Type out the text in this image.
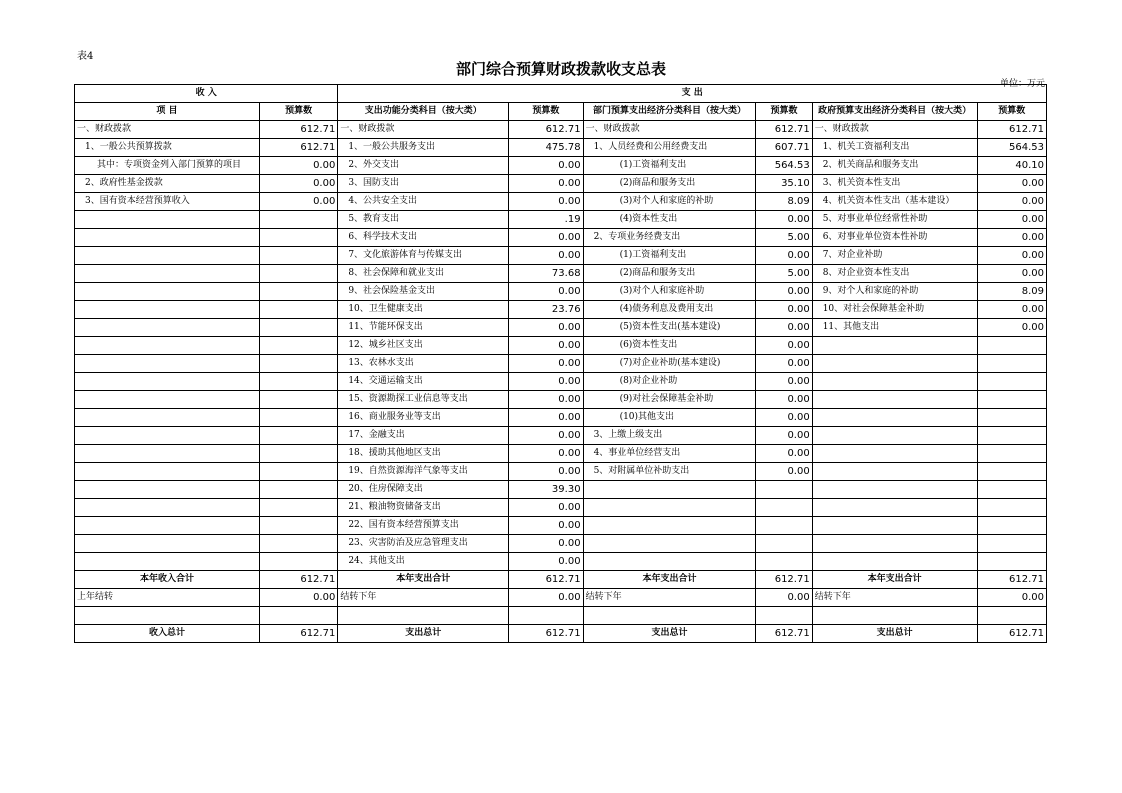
表4
部门综合预算财政拨款收支总表
单位：万元
收 入		支 出					
项 目	预算数	支出功能分类科目（按大类）	预算数	部门预算支出经济分类科目（按大类）	预算数	政府预算支出经济分类科目（按大类）	预算数
一、财政拨款	612.71	一、财政拨款	612.71	一、财政拨款	612.71	一、财政拨款	612.71
1、一般公共预算拨款	612.71	1、一般公共服务支出	475.78	1、人员经费和公用经费支出	607.71	1、机关工资福利支出	564.53
其中：专项资金列入部门预算的项目	0.00	2、外交支出	0.00	(1)工资福利支出	564.53	2、机关商品和服务支出	40.10
2、政府性基金拨款	0.00	3、国防支出	0.00	(2)商品和服务支出	35.10	3、机关资本性支出	0.00
3、国有资本经营预算收入	0.00	4、公共安全支出	0.00	(3)对个人和家庭的补助	8.09	4、机关资本性支出（基本建设）	0.00
		5、教育支出	.19	(4)资本性支出	0.00	5、对事业单位经常性补助	0.00
		6、科学技术支出	0.00	2、专项业务经费支出	5.00	6、对事业单位资本性补助	0.00
		7、文化旅游体育与传媒支出	0.00	(1)工资福利支出	0.00	7、对企业补助	0.00
		8、社会保障和就业支出	73.68	(2)商品和服务支出	5.00	8、对企业资本性支出	0.00
		9、社会保险基金支出	0.00	(3)对个人和家庭补助	0.00	9、对个人和家庭的补助	8.09
		10、卫生健康支出	23.76	(4)债务利息及费用支出	0.00	10、对社会保障基金补助	0.00
		11、节能环保支出	0.00	(5)资本性支出(基本建设)	0.00	11、其他支出	0.00
		12、城乡社区支出	0.00	(6)资本性支出	0.00		
		13、农林水支出	0.00	(7)对企业补助(基本建设)	0.00		
		14、交通运输支出	0.00	(8)对企业补助	0.00		
		15、资源勘探工业信息等支出	0.00	(9)对社会保障基金补助	0.00		
		16、商业服务业等支出	0.00	(10)其他支出	0.00		
		17、金融支出	0.00	3、上缴上级支出	0.00		
		18、援助其他地区支出	0.00	4、事业单位经营支出	0.00		
		19、自然资源海洋气象等支出	0.00	5、对附属单位补助支出	0.00		
		20、住房保障支出	39.30				
		21、粮油物资储备支出	0.00				
		22、国有资本经营预算支出	0.00				
		23、灾害防治及应急管理支出	0.00				
		24、其他支出	0.00				
本年收入合计	612.71	本年支出合计	612.71	本年支出合计	612.71	本年支出合计	612.71
上年结转	0.00	结转下年	0.00	结转下年	0.00	结转下年	0.00

收入总计	612.71	支出总计	612.71	支出总计	612.71	支出总计	612.71
